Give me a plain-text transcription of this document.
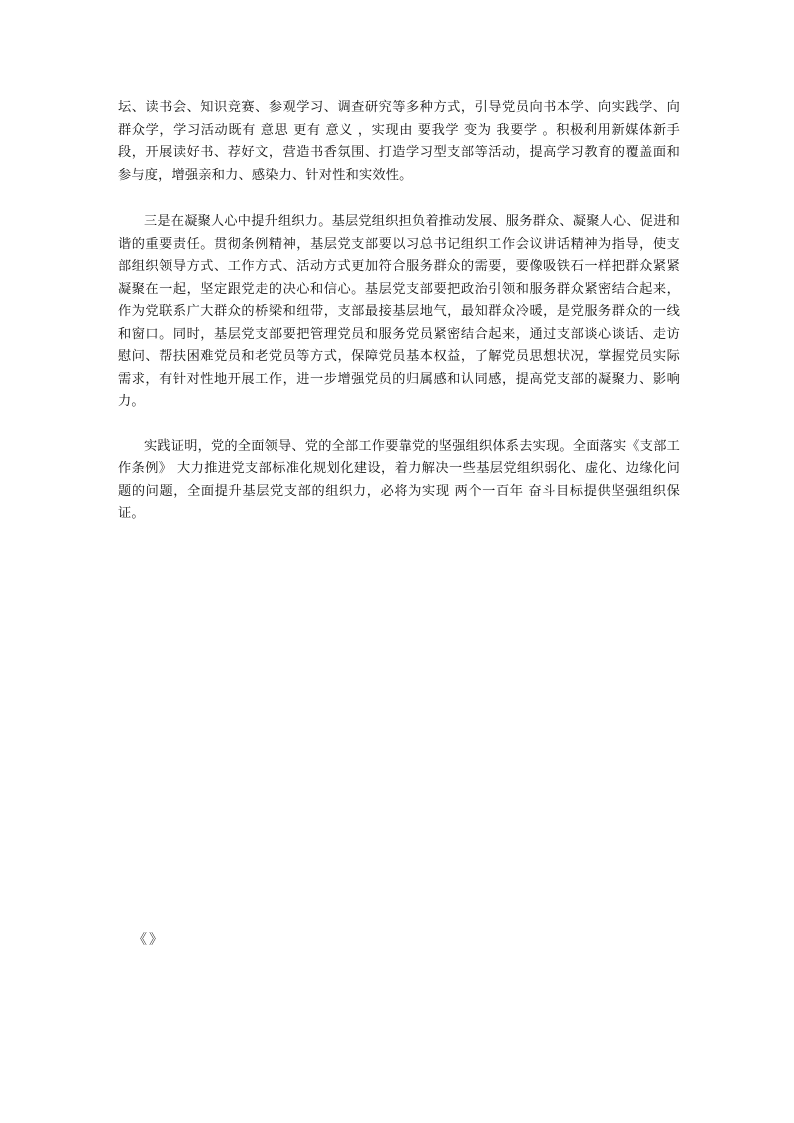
坛、读书会、知识竞赛、参观学习、调查研究等多种方式，引导党员向书本学、向实践学、向群众学，学习活动既有 意思 更有 意义 ，实现由 要我学 变为 我要学 。积极利用新媒体新手段，开展读好书、荐好文，营造书香氛围、打造学习型支部等活动，提高学习教育的覆盖面和参与度，增强亲和力、感染力、针对性和实效性。

三是在凝聚人心中提升组织力。基层党组织担负着推动发展、服务群众、凝聚人心、促进和谐的重要责任。贯彻条例精神，基层党支部要以习总书记组织工作会议讲话精神为指导，使支部组织领导方式、工作方式、活动方式更加符合服务群众的需要，要像吸铁石一样把群众紧紧凝聚在一起，坚定跟党走的决心和信心。基层党支部要把政治引领和服务群众紧密结合起来，作为党联系广大群众的桥梁和纽带，支部最接基层地气，最知群众冷暖，是党服务群众的一线和窗口。同时，基层党支部要把管理党员和服务党员紧密结合起来，通过支部谈心谈话、走访慰问、帮扶困难党员和老党员等方式，保障党员基本权益，了解党员思想状况，掌握党员实际需求，有针对性地开展工作，进一步增强党员的归属感和认同感，提高党支部的凝聚力、影响力。

实践证明，党的全面领导、党的全部工作要靠党的坚强组织体系去实现。全面落实《支部工作条例》 大力推进党支部标准化规划化建设，着力解决一些基层党组织弱化、虚化、边缘化问题的问题，全面提升基层党支部的组织力，必将为实现 两个一百年 奋斗目标提供坚强组织保证。

《》
